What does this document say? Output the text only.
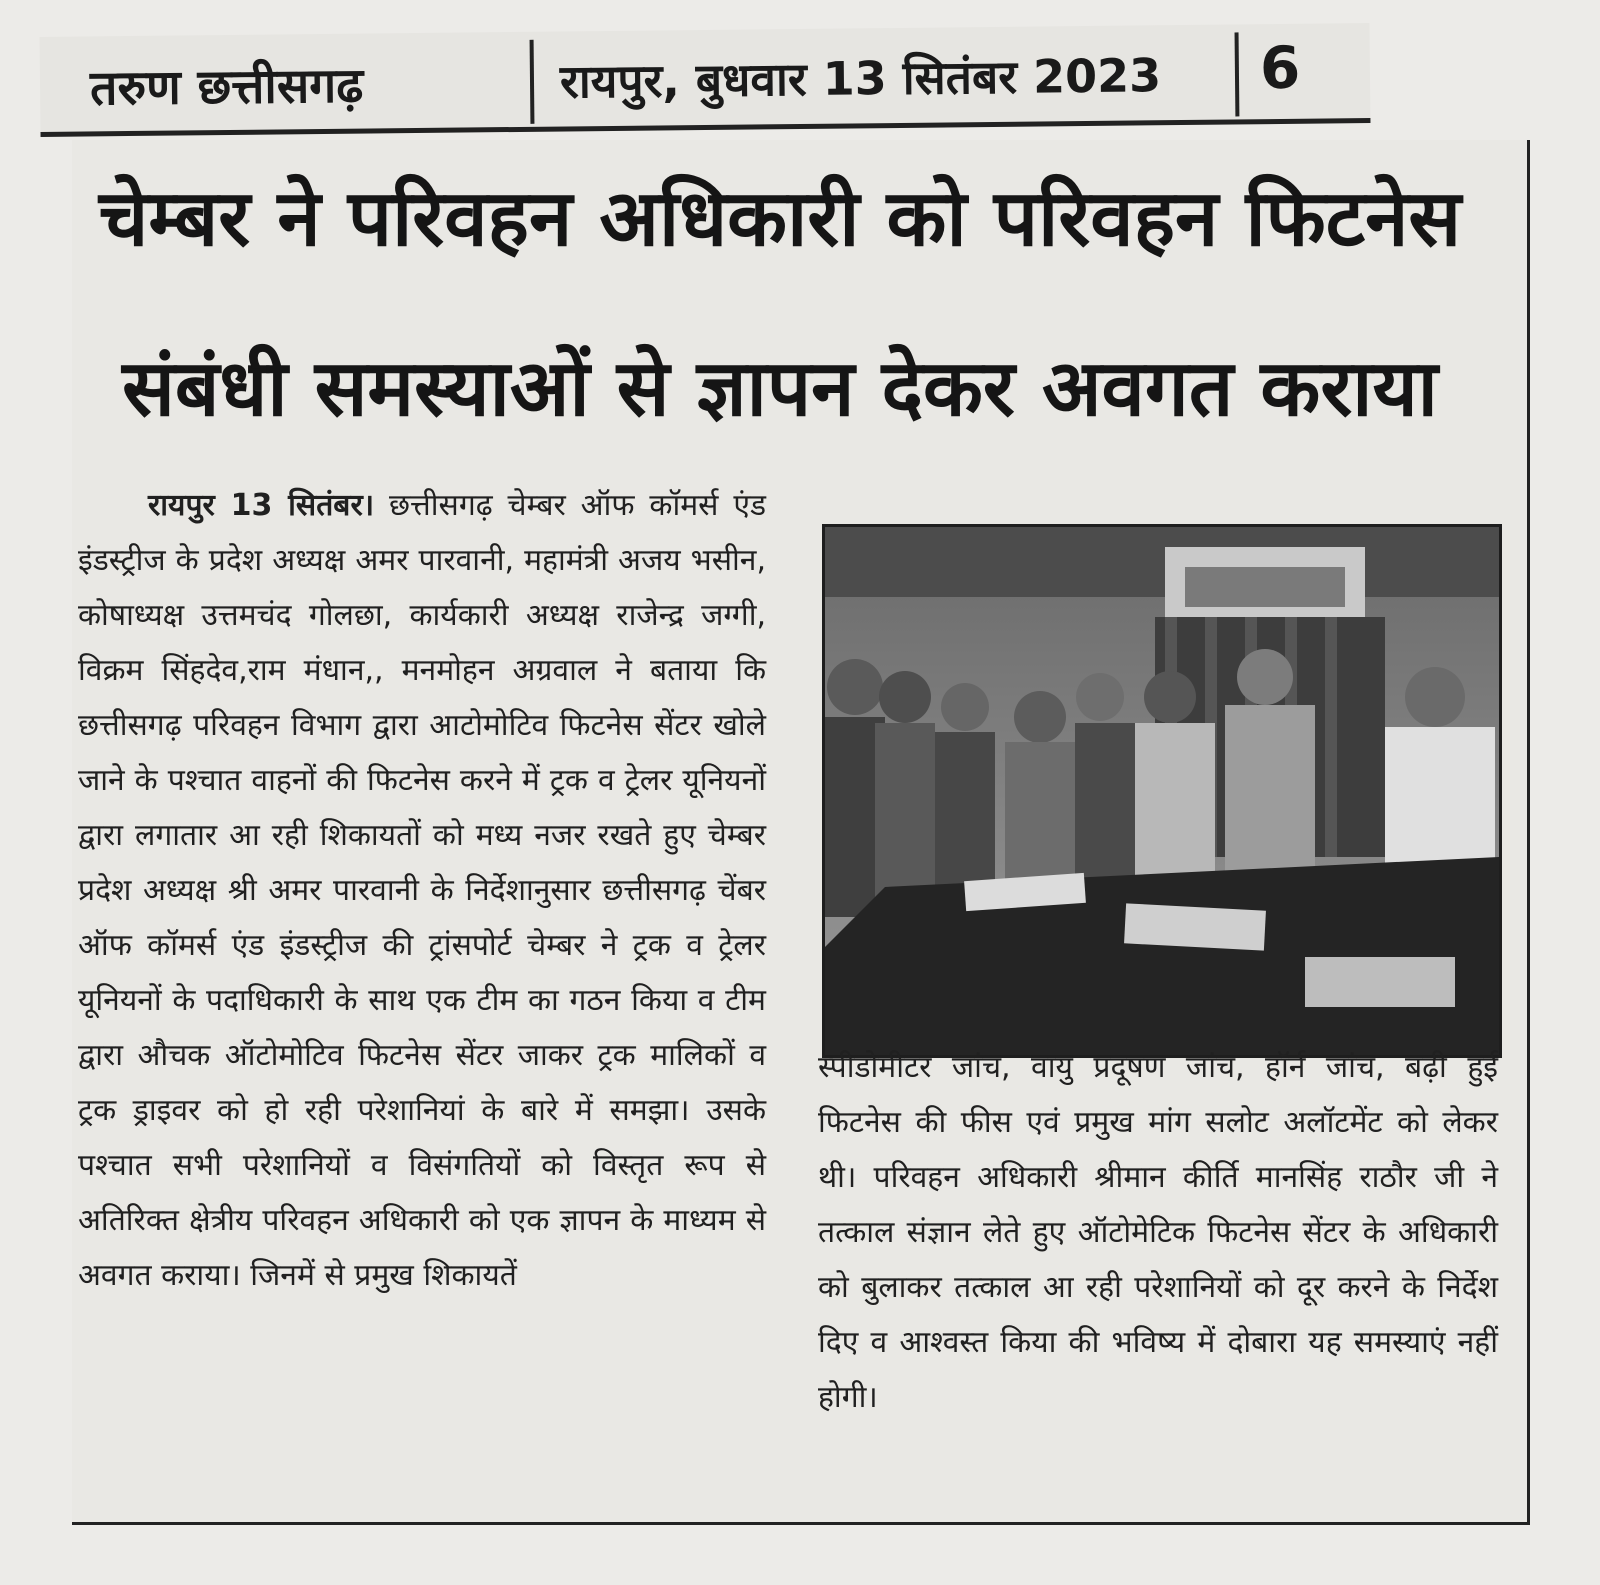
तरुण छत्तीसगढ़	रायपुर, बुधवार 13 सितंबर 2023 6
चेम्बर ने परिवहन अधिकारी को परिवहन फिटनेस
संबंधी समस्याओं से ज्ञापन देकर अवगत कराया
रायपुर 13 सितंबर। छत्तीसगढ़ चेम्बर ऑफ कॉमर्स एंड इंडस्ट्रीज के प्रदेश अध्यक्ष अमर पारवानी, महामंत्री अजय भसीन, कोषाध्यक्ष उत्तमचंद गोलछा, कार्यकारी अध्यक्ष राजेन्द्र जग्गी, विक्रम सिंहदेव,राम मंधान,, मनमोहन अग्रवाल ने बताया कि छत्तीसगढ़ परिवहन विभाग द्वारा आटोमोटिव फिटनेस सेंटर खोले जाने के पश्चात वाहनों की फिटनेस करने में ट्रक व ट्रेलर यूनियनों द्वारा लगातार आ रही शिकायतों को मध्य नजर रखते हुए चेम्बर प्रदेश अध्यक्ष श्री अमर पारवानी के निर्देशानुसार छत्तीसगढ़ चेंबर ऑफ कॉमर्स एंड इंडस्ट्रीज की ट्रांसपोर्ट चेम्बर ने ट्रक व ट्रेलर यूनियनों के पदाधिकारी के साथ एक टीम का गठन किया व टीम द्वारा औचक ऑटोमोटिव फिटनेस सेंटर जाकर ट्रक मालिकों व ट्रक ड्राइवर को हो रही परेशानियां के बारे में समझा। उसके पश्चात सभी परेशानियों व विसंगतियों को विस्तृत रूप से अतिरिक्त क्षेत्रीय परिवहन अधिकारी को एक ज्ञापन के माध्यम से अवगत कराया। जिनमें से प्रमुख शिकायतें
स्पीडोमीटर जांच, वायु प्रदूषण जांच, हॉर्न जांच, बढ़ी हुई फिटनेस की फीस एवं प्रमुख मांग सलोट अलॉटमेंट को लेकर थी। परिवहन अधिकारी श्रीमान कीर्ति मानसिंह राठौर जी ने तत्काल संज्ञान लेते हुए ऑटोमेटिक फिटनेस सेंटर के अधिकारी को बुलाकर तत्काल आ रही परेशानियों को दूर करने के निर्देश दिए व आश्वस्त किया की भविष्य में दोबारा यह समस्याएं नहीं होगी।
